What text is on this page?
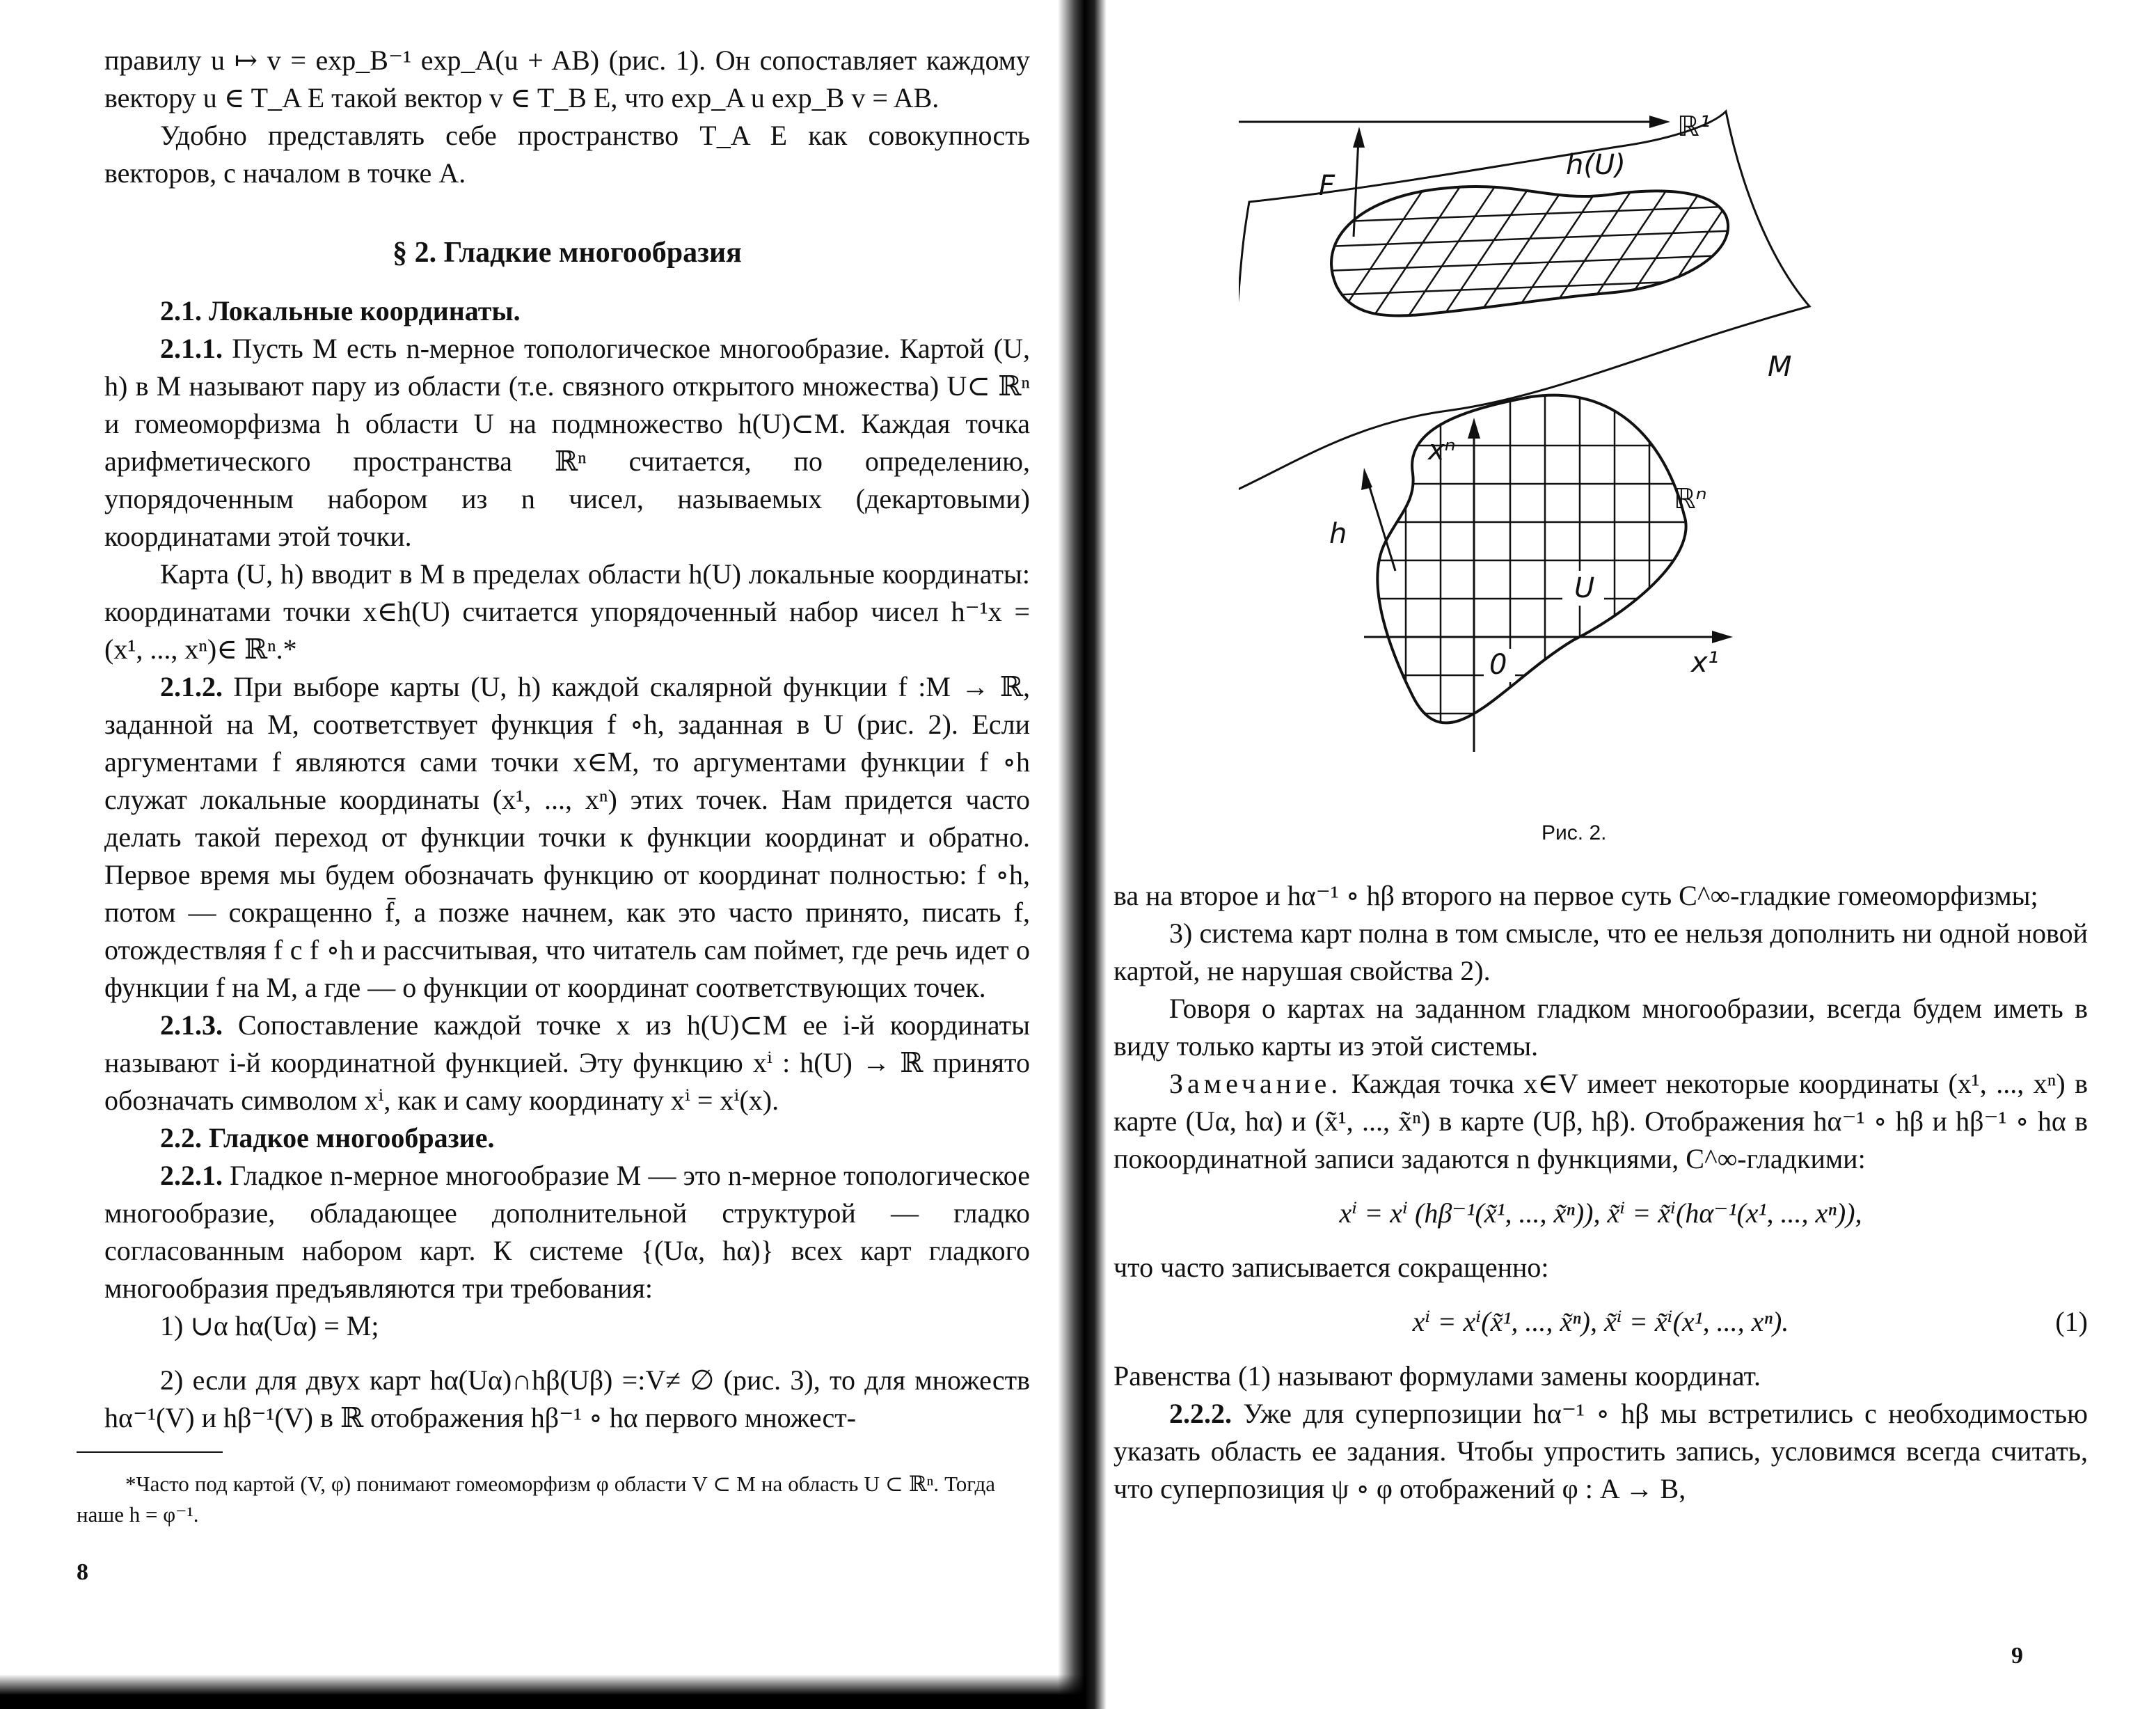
правилу u ↦ v = exp_B⁻¹ exp_A(u + AB) (рис. 1). Он сопоставляет каждому вектору u ∈ T_A E такой вектор v ∈ T_B E, что exp_A u exp_B v = AB.

Удобно представлять себе пространство T_A E как совокупность векторов, с началом в точке A.

§ 2. Гладкие многообразия

2.1. Локальные координаты.

2.1.1. Пусть M есть n-мерное топологическое многообразие. Картой (U, h) в M называют пару из области (т.е. связного открытого множества) U⊂ ℝⁿ и гомеоморфизма h области U на подмножество h(U)⊂M. Каждая точка арифметического пространства ℝⁿ считается, по определению, упорядоченным набором из n чисел, называемых (декартовыми) координатами этой точки.

Карта (U, h) вводит в M в пределах области h(U) локальные координаты: координатами точки x∈h(U) считается упорядоченный набор чисел h⁻¹x = (x¹, ..., xⁿ)∈ ℝⁿ.*

2.1.2. При выборе карты (U, h) каждой скалярной функции f :M → ℝ, заданной на M, соответствует функция f ∘h, заданная в U (рис. 2). Если аргументами f являются сами точки x∈M, то аргументами функции f ∘h служат локальные координаты (x¹, ..., xⁿ) этих точек. Нам придется часто делать такой переход от функции точки к функции координат и обратно. Первое время мы будем обозначать функцию от координат полностью: f ∘h, потом — сокращенно f̄, а позже начнем, как это часто принято, писать f, отождествляя f с f ∘h и рассчитывая, что читатель сам поймет, где речь идет о функции f на M, а где — о функции от координат соответствующих точек.

2.1.3. Сопоставление каждой точке x из h(U)⊂M ее i-й координаты называют i-й координатной функцией. Эту функцию xⁱ : h(U) → ℝ принято обозначать символом xⁱ, как и саму координату xⁱ = xⁱ(x).

2.2. Гладкое многообразие.

2.2.1. Гладкое n-мерное многообразие M — это n-мерное топологическое многообразие, обладающее дополнительной структурой — гладко согласованным набором карт. К системе {(Uα, hα)} всех карт гладкого многообразия предъявляются три требования:

1) ∪α hα(Uα) = M;

2) если для двух карт hα(Uα)∩hβ(Uβ) =:V≠ ∅ (рис. 3), то для множеств hα⁻¹(V) и hβ⁻¹(V) в ℝ отображения hβ⁻¹ ∘ hα первого множест-

*Часто под картой (V, φ) понимают гомеоморфизм φ области V ⊂ M на область U ⊂ ℝⁿ. Тогда наше h = φ⁻¹.
8
ℝ¹
F
M
h(U)
h
xⁿ
x¹
U
0
ℝⁿ
Рис. 2.

ва на второе и hα⁻¹ ∘ hβ второго на первое суть C^∞-гладкие гомеоморфизмы;

3) система карт полна в том смысле, что ее нельзя дополнить ни одной новой картой, не нарушая свойства 2).

Говоря о картах на заданном гладком многообразии, всегда будем иметь в виду только карты из этой системы.

Замечание. Каждая точка x∈V имеет некоторые координаты (x¹, ..., xⁿ) в карте (Uα, hα) и (x̃¹, ..., x̃ⁿ) в карте (Uβ, hβ). Отображения hα⁻¹ ∘ hβ и hβ⁻¹ ∘ hα в покоординатной записи задаются n функциями, C^∞-гладкими:

xⁱ = xⁱ (hβ⁻¹(x̃¹, ..., x̃ⁿ)), x̃ⁱ = x̃ⁱ(hα⁻¹(x¹, ..., xⁿ)),

что часто записывается сокращенно:

xⁱ = xⁱ(x̃¹, ..., x̃ⁿ), x̃ⁱ = x̃ⁱ(x¹, ..., xⁿ).	(1)

Равенства (1) называют формулами замены координат.

2.2.2. Уже для суперпозиции hα⁻¹ ∘ hβ мы встретились с необходимостью указать область ее задания. Чтобы упростить запись, условимся всегда считать, что суперпозиция ψ ∘ φ отображений φ : A → B,

9
